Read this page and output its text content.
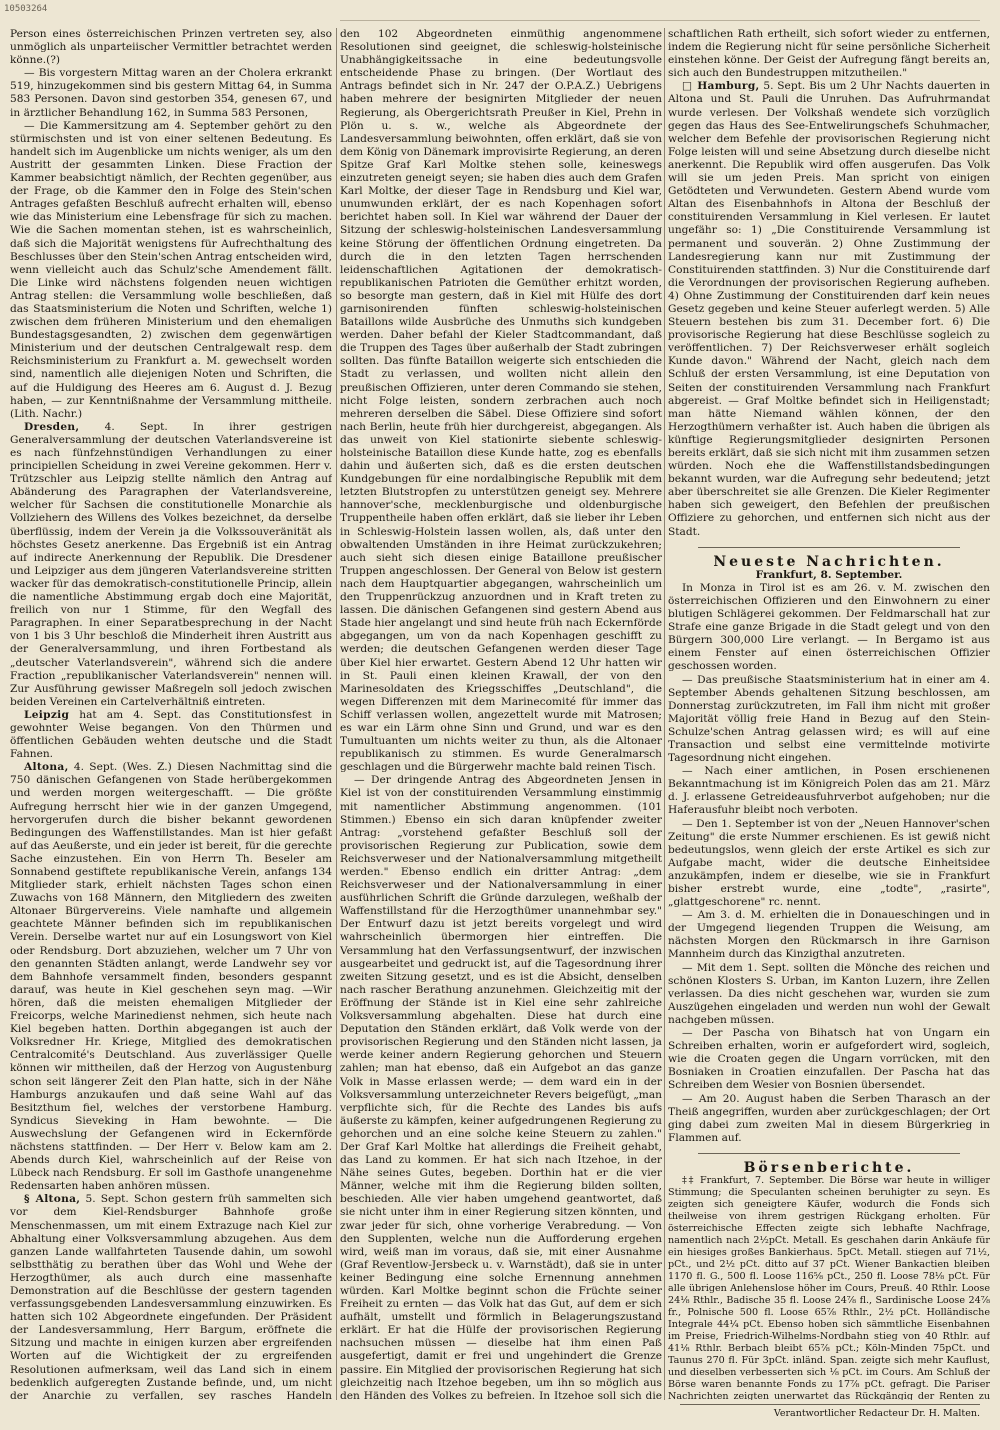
10503264

Person eines österreichischen Prinzen vertreten sey, also unmöglich als unparteiischer Vermittler betrachtet werden könne.(?)

— Bis vorgestern Mittag waren an der Cholera erkrankt 519, hinzugekommen sind bis gestern Mittag 64, in Summa 583 Personen. Davon sind gestorben 354, genesen 67, und in ärztlicher Behandlung 162, in Summa 583 Personen,

— Die Kammersitzung am 4. September gehört zu den stürmischsten und ist von einer seltenen Bedeutung. Es handelt sich im Augenblicke um nichts weniger, als um den Austritt der gesammten Linken. Diese Fraction der Kammer beabsichtigt nämlich, der Rechten gegenüber, aus der Frage, ob die Kammer den in Folge des Stein'schen Antrages gefaßten Beschluß aufrecht erhalten will, ebenso wie das Ministerium eine Lebensfrage für sich zu machen. Wie die Sachen momentan stehen, ist es wahrscheinlich, daß sich die Majorität wenigstens für Aufrechthaltung des Beschlusses über den Stein'schen Antrag entscheiden wird, wenn vielleicht auch das Schulz'sche Amendement fällt. Die Linke wird nächstens folgenden neuen wichtigen Antrag stellen: die Versammlung wolle beschließen, daß das Staatsministerium die Noten und Schriften, welche 1) zwischen dem früheren Ministerium und den ehemaligen Bundestagsgesandten, 2) zwischen dem gegenwärtigen Ministerium und der deutschen Centralgewalt resp. dem Reichsministerium zu Frankfurt a. M. gewechselt worden sind, namentlich alle diejenigen Noten und Schriften, die auf die Huldigung des Heeres am 6. August d. J. Bezug haben, — zur Kenntnißnahme der Versammlung mittheile. (Lith. Nachr.)

Dresden, 4. Sept. In ihrer gestrigen Generalversammlung der deutschen Vaterlandsvereine ist es nach fünfzehnstündigen Verhandlungen zu einer principiellen Scheidung in zwei Vereine gekommen. Herr v. Trützschler aus Leipzig stellte nämlich den Antrag auf Abänderung des Paragraphen der Vaterlandsvereine, welcher für Sachsen die constitutionelle Monarchie als Vollziehern des Willens des Volkes bezeichnet, da derselbe überflüssig, indem der Verein ja die Volkssouveränität als höchstes Gesetz anerkenne. Das Ergebniß ist ein Antrag auf indirecte Anerkennung der Republik. Die Dresdener und Leipziger aus dem jüngeren Vaterlandsvereine stritten wacker für das demokratisch-constitutionelle Princip, allein die namentliche Abstimmung ergab doch eine Majorität, freilich von nur 1 Stimme, für den Wegfall des Paragraphen. In einer Separatbesprechung in der Nacht von 1 bis 3 Uhr beschloß die Minderheit ihren Austritt aus der Generalversammlung, und ihren Fortbestand als „deutscher Vaterlandsverein", während sich die andere Fraction „republikanischer Vaterlandsverein" nennen will. Zur Ausführung gewisser Maßregeln soll jedoch zwischen beiden Vereinen ein Cartelverhältniß eintreten.

Leipzig hat am 4. Sept. das Constitutionsfest in gewohnter Weise begangen. Von den Thürmen und öffentlichen Gebäuden wehten deutsche und die Stadt Fahnen.

Altona, 4. Sept. (Wes. Z.) Diesen Nachmittag sind die 750 dänischen Gefangenen von Stade herübergekommen und werden morgen weitergeschafft. — Die größte Aufregung herrscht hier wie in der ganzen Umgegend, hervorgerufen durch die bisher bekannt gewordenen Bedingungen des Waffenstillstandes. Man ist hier gefaßt auf das Aeußerste, und ein jeder ist bereit, für die gerechte Sache einzustehen. Ein von Herrn Th. Beseler am Sonnabend gestiftete republikanische Verein, anfangs 134 Mitglieder stark, erhielt nächsten Tages schon einen Zuwachs von 168 Männern, den Mitgliedern des zweiten Altonaer Bürgervereins. Viele namhafte und allgemein geachtete Männer befinden sich im republikanischen Verein. Derselbe wartet nur auf ein Losungswort von Kiel oder Rendsburg. Dort abzuziehen, welcher um 7 Uhr von den genannten Städten anlangt, werde Landwehr sey vor dem Bahnhofe versammelt finden, besonders gespannt darauf, was heute in Kiel geschehen seyn mag. —Wir hören, daß die meisten ehemaligen Mitglieder der Freicorps, welche Marinedienst nehmen, sich heute nach Kiel begeben hatten. Dorthin abgegangen ist auch der Volksredner Hr. Kriege, Mitglied des demokratischen Centralcomité's Deutschland. Aus zuverlässiger Quelle können wir mittheilen, daß der Herzog von Augustenburg schon seit längerer Zeit den Plan hatte, sich in der Nähe Hamburgs anzukaufen und daß seine Wahl auf das Besitzthum fiel, welches der verstorbene Hamburg. Syndicus Sieveking in Ham bewohnte. — Die Auswechslung der Gefangenen wird in Eckernförde nächstens stattfinden. — Der Herr v. Below kam am 2. Abends durch Kiel, wahrscheinlich auf der Reise von Lübeck nach Rendsburg. Er soll im Gasthofe unangenehme Redensarten haben anhören müssen.

§ Altona, 5. Sept. Schon gestern früh sammelten sich vor dem Kiel-Rendsburger Bahnhofe große Menschenmassen, um mit einem Extrazuge nach Kiel zur Abhaltung einer Volksversammlung abzugehen. Aus dem ganzen Lande wallfahrteten Tausende dahin, um sowohl selbstthätig zu berathen über das Wohl und Wehe der Herzogthümer, als auch durch eine massenhafte Demonstration auf die Beschlüsse der gestern tagenden verfassungsgebenden Landesversammlung einzuwirken. Es hatten sich 102 Abgeordnete eingefunden. Der Präsident der Landesversammlung, Herr Bargum, eröffnete die Sitzung und machte in einigen kurzen aber ergreifenden Worten auf die Wichtigkeit der zu ergreifenden Resolutionen aufmerksam, weil das Land sich in einem bedenklich aufgeregten Zustande befinde, und, um nicht der Anarchie zu verfallen, sey rasches Handeln

den 102 Abgeordneten einmüthig angenommene Resolutionen sind geeignet, die schleswig-holsteinische Unabhängigkeitssache in eine bedeutungsvolle entscheidende Phase zu bringen. (Der Wortlaut des Antrags befindet sich in Nr. 247 der O.P.A.Z.) Uebrigens haben mehrere der besignirten Mitglieder der neuen Regierung, als Obergerichtsrath Preußer in Kiel, Prehn in Plön u. s. w., welche als Abgeordnete der Landesversammlung beiwohnten, offen erklärt, daß sie von dem König von Dänemark improvisirte Regierung, an deren Spitze Graf Karl Moltke stehen solle, keineswegs einzutreten geneigt seyen; sie haben dies auch dem Grafen Karl Moltke, der dieser Tage in Rendsburg und Kiel war, unumwunden erklärt, der es nach Kopenhagen sofort berichtet haben soll. In Kiel war während der Dauer der Sitzung der schleswig-holsteinischen Landesversammlung keine Störung der öffentlichen Ordnung eingetreten. Da durch die in den letzten Tagen herrschenden leidenschaftlichen Agitationen der demokratisch-republikanischen Patrioten die Gemüther erhitzt worden, so besorgte man gestern, daß in Kiel mit Hülfe des dort garnisonirenden fünften schleswig-holsteinischen Bataillons wilde Ausbrüche des Unmuths sich kundgeben werden. Daher befahl der Kieler Stadtcommandant, daß die Truppen des Tages über außerhalb der Stadt zubringen sollten. Das fünfte Bataillon weigerte sich entschieden die Stadt zu verlassen, und wollten nicht allein den preußischen Offizieren, unter deren Commando sie stehen, nicht Folge leisten, sondern zerbrachen auch noch mehreren derselben die Säbel. Diese Offiziere sind sofort nach Berlin, heute früh hier durchgereist, abgegangen. Als das unweit von Kiel stationirte siebente schleswig-holsteinische Bataillon diese Kunde hatte, zog es ebenfalls dahin und äußerten sich, daß es die ersten deutschen Kundgebungen für eine nordalbingische Republik mit dem letzten Blutstropfen zu unterstützen geneigt sey. Mehrere hannover'sche, mecklenburgische und oldenburgische Truppentheile haben offen erklärt, daß sie lieber ihr Leben in Schleswig-Holstein lassen wollen, als, daß unter den obwaltenden Umständen in ihre Heimat zurückzukehren; auch sieht sich diesen einige Bataillone preußischer Truppen angeschlossen. Der General von Below ist gestern nach dem Hauptquartier abgegangen, wahrscheinlich um den Truppenrückzug anzuordnen und in Kraft treten zu lassen. Die dänischen Gefangenen sind gestern Abend aus Stade hier angelangt und sind heute früh nach Eckernförde abgegangen, um von da nach Kopenhagen geschifft zu werden; die deutschen Gefangenen werden dieser Tage über Kiel hier erwartet. Gestern Abend 12 Uhr hatten wir in St. Pauli einen kleinen Krawall, der von den Marinesoldaten des Kriegsschiffes „Deutschland", die wegen Differenzen mit dem Marinecomité für immer das Schiff verlassen wollen, angezettelt wurde mit Matrosen; es war ein Lärm ohne Sinn und Grund, und war es den Tumultuanten um nichts weiter zu thun, als die Altonaer republikanisch zu stimmen. Es wurde Generalmarsch geschlagen und die Bürgerwehr machte bald reinen Tisch.

— Der dringende Antrag des Abgeordneten Jensen in Kiel ist von der constituirenden Versammlung einstimmig mit namentlicher Abstimmung angenommen. (101 Stimmen.) Ebenso ein sich daran knüpfender zweiter Antrag: „vorstehend gefaßter Beschluß soll der provisorischen Regierung zur Publication, sowie dem Reichsverweser und der Nationalversammlung mitgetheilt werden." Ebenso endlich ein dritter Antrag: „dem Reichsverweser und der Nationalversammlung in einer ausführlichen Schrift die Gründe darzulegen, weßhalb der Waffenstillstand für die Herzogthümer unannehmbar sey." Der Entwurf dazu ist jetzt bereits vorgelegt und wird wahrscheinlich übermorgen hier eintreffen. Die Versammlung hat den Verfassungsentwurf, der inzwischen ausgearbeitet und gedruckt ist, auf die Tagesordnung ihrer zweiten Sitzung gesetzt, und es ist die Absicht, denselben nach rascher Berathung anzunehmen. Gleichzeitig mit der Eröffnung der Stände ist in Kiel eine sehr zahlreiche Volksversammlung abgehalten. Diese hat durch eine Deputation den Ständen erklärt, daß Volk werde von der provisorischen Regierung und den Ständen nicht lassen, ja werde keiner andern Regierung gehorchen und Steuern zahlen; man hat ebenso, daß ein Aufgebot an das ganze Volk in Masse erlassen werde; — dem ward ein in der Volksversammlung unterzeichneter Revers beigefügt, „man verpflichte sich, für die Rechte des Landes bis aufs äußerste zu kämpfen, keiner aufgedrungenen Regierung zu gehorchen und an eine solche keine Steuern zu zahlen." Der Graf Karl Moltke hat allerdings die Freiheit gehabt, das Land zu kommen. Er hat sich nach Itzehoe, in der Nähe seines Gutes, begeben. Dorthin hat er die vier Männer, welche mit ihm die Regierung bilden sollten, beschieden. Alle vier haben umgehend geantwortet, daß sie nicht unter ihm in einer Regierung sitzen könnten, und zwar jeder für sich, ohne vorherige Verabredung. — Von den Supplenten, welche nun die Aufforderung ergehen wird, weiß man im voraus, daß sie, mit einer Ausnahme (Graf Reventlow-Jersbeck u. v. Warnstädt), daß sie in unter keiner Bedingung eine solche Ernennung annehmen würden. Karl Moltke beginnt schon die Früchte seiner Freiheit zu ernten — das Volk hat das Gut, auf dem er sich aufhält, umstellt und förmlich in Belagerungszustand erklärt. Er hat die Hülfe der provisorischen Regierung nachsuchen müssen — dieselbe hat ihm einen Paß ausgefertigt, damit er frei und ungehindert die Grenze passire. Ein Mitglied der provisorischen Regierung hat sich gleichzeitig nach Itzehoe begeben, um ihn so möglich aus den Händen des Volkes zu befreien. In Itzehoe soll sich die

schaftlichen Rath ertheilt, sich sofort wieder zu entfernen, indem die Regierung nicht für seine persönliche Sicherheit einstehen könne. Der Geist der Aufregung fängt bereits an, sich auch den Bundestruppen mitzutheilen."

□ Hamburg, 5. Sept. Bis um 2 Uhr Nachts dauerten in Altona und St. Pauli die Unruhen. Das Aufruhrmandat wurde verlesen. Der Volkshaß wendete sich vorzüglich gegen das Haus des See-Entwelirungschefs Schuhmacher, welcher dem Befehle der provisorischen Regierung nicht Folge leisten will und seine Absetzung durch dieselbe nicht anerkennt. Die Republik wird offen ausgerufen. Das Volk will sie um jeden Preis. Man spricht von einigen Getödteten und Verwundeten. Gestern Abend wurde vom Altan des Eisenbahnhofs in Altona der Beschluß der constituirenden Versammlung in Kiel verlesen. Er lautet ungefähr so: 1) „Die Constituirende Versammlung ist permanent und souverän. 2) Ohne Zustimmung der Landesregierung kann nur mit Zustimmung der Constituirenden stattfinden. 3) Nur die Constituirende darf die Verordnungen der provisorischen Regierung aufheben. 4) Ohne Zustimmung der Constituirenden darf kein neues Gesetz gegeben und keine Steuer auferlegt werden. 5) Alle Steuern bestehen bis zum 31. December fort. 6) Die provisorische Regierung hat diese Beschlüsse sogleich zu veröffentlichen. 7) Der Reichsverweser erhält sogleich Kunde davon." Während der Nacht, gleich nach dem Schluß der ersten Versammlung, ist eine Deputation von Seiten der constituirenden Versammlung nach Frankfurt abgereist. — Graf Moltke befindet sich in Heiligenstadt; man hätte Niemand wählen können, der den Herzogthümern verhaßter ist. Auch haben die übrigen als künftige Regierungsmitglieder designirten Personen bereits erklärt, daß sie sich nicht mit ihm zusammen setzen würden. Noch ehe die Waffenstillstandsbedingungen bekannt wurden, war die Aufregung sehr bedeutend; jetzt aber überschreitet sie alle Grenzen. Die Kieler Regimenter haben sich geweigert, den Befehlen der preußischen Offiziere zu gehorchen, und entfernen sich nicht aus der Stadt.

Neueste Nachrichten.

Frankfurt, 8. September.

In Monza in Tirol ist es am 26. v. M. zwischen den österreichischen Offizieren und den Einwohnern zu einer blutigen Schlägerei gekommen. Der Feldmarschall hat zur Strafe eine ganze Brigade in die Stadt gelegt und von den Bürgern 300,000 Lire verlangt. — In Bergamo ist aus einem Fenster auf einen österreichischen Offizier geschossen worden.

— Das preußische Staatsministerium hat in einer am 4. September Abends gehaltenen Sitzung beschlossen, am Donnerstag zurückzutreten, im Fall ihm nicht mit großer Majorität völlig freie Hand in Bezug auf den Stein-Schulze'schen Antrag gelassen wird; es will auf eine Transaction und selbst eine vermittelnde motivirte Tagesordnung nicht eingehen.

— Nach einer amtlichen, in Posen erschienenen Bekanntmachung ist im Königreich Polen das am 21. März d. J. erlassene Getreideausfuhrverbot aufgehoben; nur die Haferausfuhr bleibt noch verboten.

— Den 1. September ist von der „Neuen Hannover'schen Zeitung" die erste Nummer erschienen. Es ist gewiß nicht bedeutungslos, wenn gleich der erste Artikel es sich zur Aufgabe macht, wider die deutsche Einheitsidee anzukämpfen, indem er dieselbe, wie sie in Frankfurt bisher erstrebt wurde, eine „todte", „rasirte", „glattgeschorene" rc. nennt.

— Am 3. d. M. erhielten die in Donaueschingen und in der Umgegend liegenden Truppen die Weisung, am nächsten Morgen den Rückmarsch in ihre Garnison Mannheim durch das Kinzigthal anzutreten.

— Mit dem 1. Sept. sollten die Mönche des reichen und schönen Klosters S. Urban, im Kanton Luzern, ihre Zellen verlassen. Da dies nicht geschehen war, wurden sie zum Auszügehen eingeladen und werden nun wohl der Gewalt nachgeben müssen.

— Der Pascha von Bihatsch hat von Ungarn ein Schreiben erhalten, worin er aufgefordert wird, sogleich, wie die Croaten gegen die Ungarn vorrücken, mit den Bosniaken in Croatien einzufallen. Der Pascha hat das Schreiben dem Wesier von Bosnien übersendet.

— Am 20. August haben die Serben Tharasch an der Theiß angegriffen, wurden aber zurückgeschlagen; der Ort ging dabei zum zweiten Mal in diesem Bürgerkrieg in Flammen auf.

Börsenberichte.

‡‡ Frankfurt, 7. September. Die Börse war heute in williger Stimmung; die Speculanten scheinen beruhigter zu seyn. Es zeigten sich geneigtere Käufer, wodurch die Fonds sich theilweise von ihrem gestrigen Rückgang erholten. Für österreichische Effecten zeigte sich lebhafte Nachfrage, namentlich nach 2½pCt. Metall. Es geschahen darin Ankäufe für ein hiesiges großes Bankierhaus. 5pCt. Metall. stiegen auf 71½, pCt., und 2½ pCt. ditto auf 37 pCt. Wiener Bankactien bleiben 1170 fl. G., 500 fl. Loose 116⅝ pCt., 250 fl. Loose 78⅛ pCt. Für alle übrigen Anlehenslose höher im Cours, Preuß. 40 Rthlr. Loose 24⅛ Rthlr., Badische 35 fl. Loose 24⅞ fl., Sardinische Loose 24⅞ fr., Polnische 500 fl. Loose 65⅞ Rthlr., 2½ pCt. Holländische Integrale 44¼ pCt. Ebenso hoben sich sämmtliche Eisenbahnen im Preise, Friedrich-Wilhelms-Nordbahn stieg von 40 Rthlr. auf 41⅛ Rthlr. Berbach bleibt 65⅞ pCt.; Köln-Minden 75pCt. und Taunus 270 fl. Für 3pCt. inländ. Span. zeigte sich mehr Kauflust, und dieselben verbesserten sich ⅛ pCt. im Cours. Am Schluß der Börse waren benannte Fonds zu 17⅞ pCt. gefragt. Die Pariser Nachrichten zeigten unerwartet das Rückgängig der Renten zu

Verantwortlicher Redacteur Dr. H. Malten.
